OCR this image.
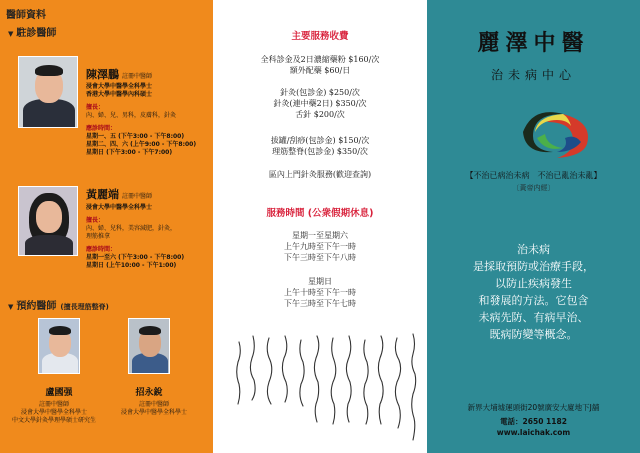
醫師資料
▼ 駐診醫師
陳澤鵬 註冊中醫師
浸會大學中醫學全科學士
香港大學中醫學內科碩士
擅長：
內、婦、兒、男科，皮膚科，針灸
應診時間：
星期一、五 (下午3:00 - 下午8:00)
星期二、四、六 (上午9:00 - 下午8:00)
星期日 (下午3:00 - 下午7:00)
黃麗端 註冊中醫師
浸會大學中醫學全科學士
擅長：
內、婦、兒科，美容減肥，針灸，
理筋推拿
應診時間：
星期一至六 (下午3:00 - 下午8:00)
星期日 (上午10:00 - 下午1:00)
▼ 預約醫師 (擅長理筋整脊)
盧國强	招永銳
註冊中醫師
浸會大學中醫學全科學士
中文大學針灸學理學碩士研究生
註冊中醫師
浸會大學中醫學全科學士
主要服務收費
全科診金及2日濃縮藥粉 $160/次
額外配藥 $60/日
針灸(包診金) $250/次
針灸(連中藥2日) $350/次
舌針 $200/次
拔罐/刮痧(包診金) $150/次
理筋整脊(包診金) $350/次
區內上門針灸服務(歡迎查詢)
服務時間 (公衆假期休息)
星期一至星期六
上午九時至下午一時
下午三時至下午八時
星期日
上午十時至下午一時
下午三時至下午七時
麗澤中醫
治未病中心
【不治已病治未病　不治已亂治未亂】
〔黃帝内經〕
治未病
是採取預防或治療手段，
以防止疾病發生
和發展的方法。它包含
未病先防、有病早治、
既病防變等概念。
新界大埔墟運頭街20號廣安大廈地下J舖
電話：2650 1182
www.laichak.com
